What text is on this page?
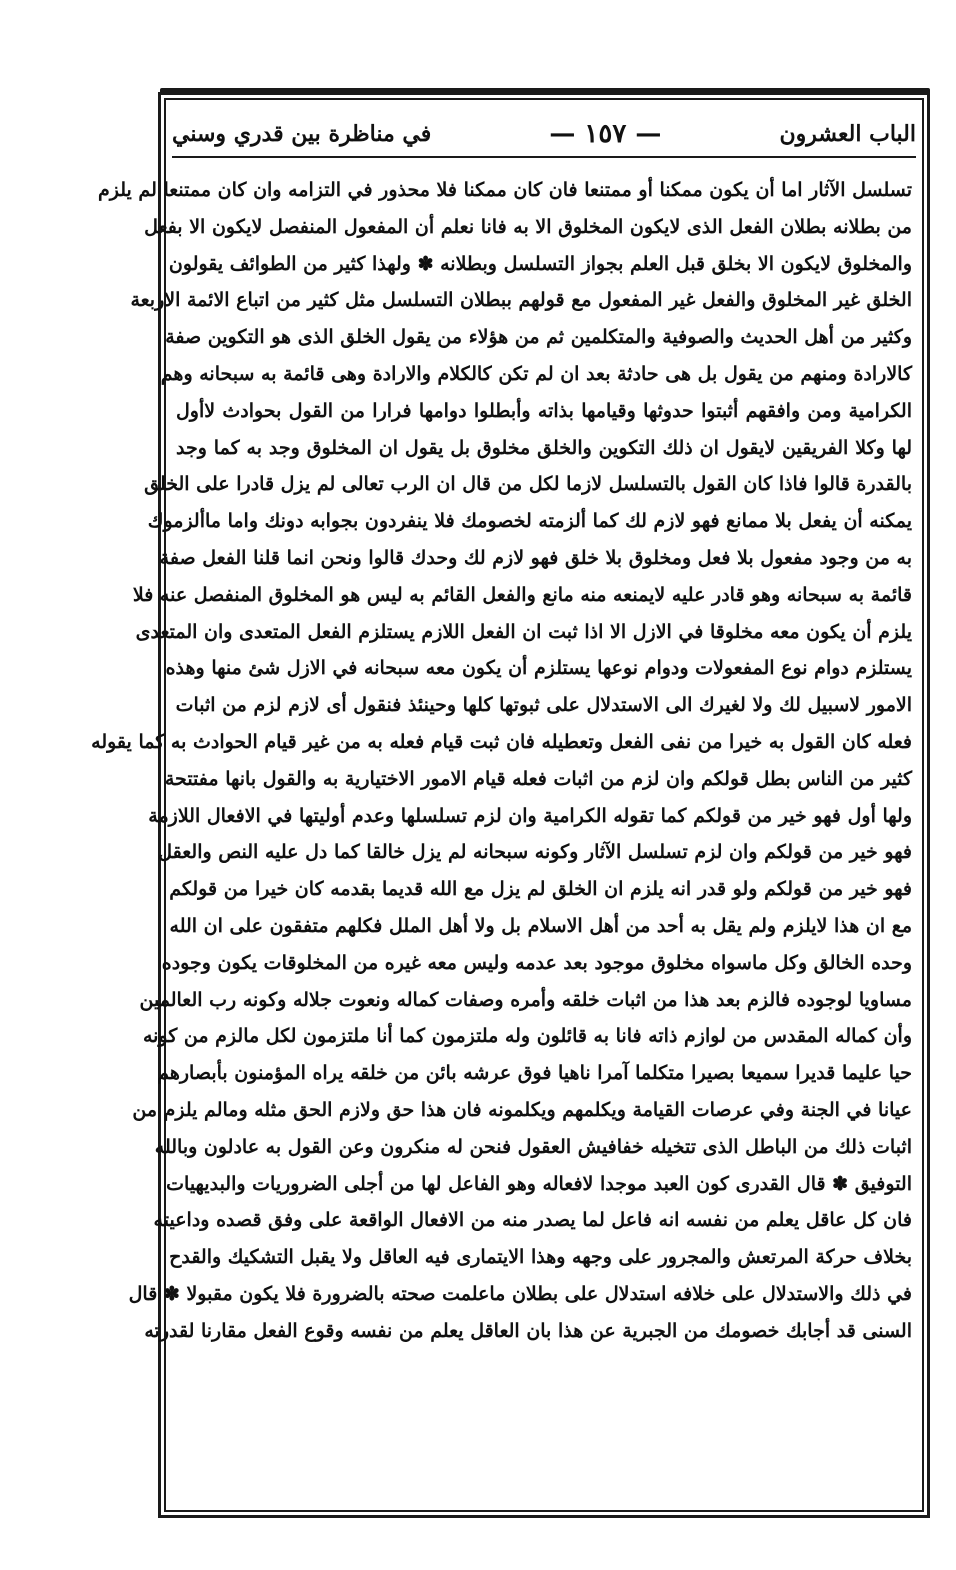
الباب العشرون
— ١٥٧ —
في مناظرة بين قدري وسني
تسلسل الآثار اما أن يكون ممكنا أو ممتنعا فان كان ممكنا فلا محذور في التزامه وان كان ممتنعا لم يلزم
من بطلانه بطلان الفعل الذى لايكون المخلوق الا به فانا نعلم أن المفعول المنفصل لايكون الا بفعل
والمخلوق لايكون الا بخلق قبل العلم بجواز التسلسل وبطلانه ✽ ولهذا كثير من الطوائف يقولون
الخلق غير المخلوق والفعل غير المفعول مع قولهم ببطلان التسلسل مثل كثير من اتباع الائمة الاربعة
وكثير من أهل الحديث والصوفية والمتكلمين ثم من هؤلاء من يقول الخلق الذى هو التكوين صفة
كالارادة ومنهم من يقول بل هى حادثة بعد ان لم تكن كالكلام والارادة وهى قائمة به سبحانه وهم
الكرامية ومن وافقهم أثبتوا حدوثها وقيامها بذاته وأبطلوا دوامها فرارا من القول بحوادث لاأول
لها وكلا الفريقين لايقول ان ذلك التكوين والخلق مخلوق بل يقول ان المخلوق وجد به كما وجد
بالقدرة قالوا فاذا كان القول بالتسلسل لازما لكل من قال ان الرب تعالى لم يزل قادرا على الخلق
يمكنه أن يفعل بلا ممانع فهو لازم لك كما ألزمته لخصومك فلا ينفردون بجوابه دونك واما ماألزموك
به من وجود مفعول بلا فعل ومخلوق بلا خلق فهو لازم لك وحدك قالوا ونحن انما قلنا الفعل صفة
قائمة به سبحانه وهو قادر عليه لايمنعه منه مانع والفعل القائم به ليس هو المخلوق المنفصل عنه فلا
يلزم أن يكون معه مخلوقا في الازل الا اذا ثبت ان الفعل اللازم يستلزم الفعل المتعدى وان المتعدى
يستلزم دوام نوع المفعولات ودوام نوعها يستلزم أن يكون معه سبحانه في الازل شئ منها وهذه
الامور لاسبيل لك ولا لغيرك الى الاستدلال على ثبوتها كلها وحينئذ فنقول أى لازم لزم من اثبات
فعله كان القول به خيرا من نفى الفعل وتعطيله فان ثبت قيام فعله به من غير قيام الحوادث به كما يقوله
كثير من الناس بطل قولكم وان لزم من اثبات فعله قيام الامور الاختيارية به والقول بانها مفتتحة
ولها أول فهو خير من قولكم كما تقوله الكرامية وان لزم تسلسلها وعدم أوليتها في الافعال اللازمة
فهو خير من قولكم وان لزم تسلسل الآثار وكونه سبحانه لم يزل خالقا كما دل عليه النص والعقل
فهو خير من قولكم ولو قدر انه يلزم ان الخلق لم يزل مع الله قديما بقدمه كان خيرا من قولكم
مع ان هذا لايلزم ولم يقل به أحد من أهل الاسلام بل ولا أهل الملل فكلهم متفقون على ان الله
وحده الخالق وكل ماسواه مخلوق موجود بعد عدمه وليس معه غيره من المخلوقات يكون وجوده
مساويا لوجوده فالزم بعد هذا من اثبات خلقه وأمره وصفات كماله ونعوت جلاله وكونه رب العالمين
وأن كماله المقدس من لوازم ذاته فانا به قائلون وله ملتزمون كما أنا ملتزمون لكل مالزم من كونه
حيا عليما قديرا سميعا بصيرا متكلما آمرا ناهيا فوق عرشه بائن من خلقه يراه المؤمنون بأبصارهم
عيانا في الجنة وفي عرصات القيامة ويكلمهم ويكلمونه فان هذا حق ولازم الحق مثله ومالم يلزم من
اثبات ذلك من الباطل الذى تتخيله خفافيش العقول فنحن له منكرون وعن القول به عادلون وبالله
التوفيق ✽ قال القدرى كون العبد موجدا لافعاله وهو الفاعل لها من أجلى الضروريات والبديهيات
فان كل عاقل يعلم من نفسه انه فاعل لما يصدر منه من الافعال الواقعة على وفق قصده وداعيته
بخلاف حركة المرتعش والمجرور على وجهه وهذا الايتمارى فيه العاقل ولا يقبل التشكيك والقدح
في ذلك والاستدلال على خلافه استدلال على بطلان ماعلمت صحته بالضرورة فلا يكون مقبولا ✽ قال
السنى قد أجابك خصومك من الجبرية عن هذا بان العاقل يعلم من نفسه وقوع الفعل مقارنا لقدرته
